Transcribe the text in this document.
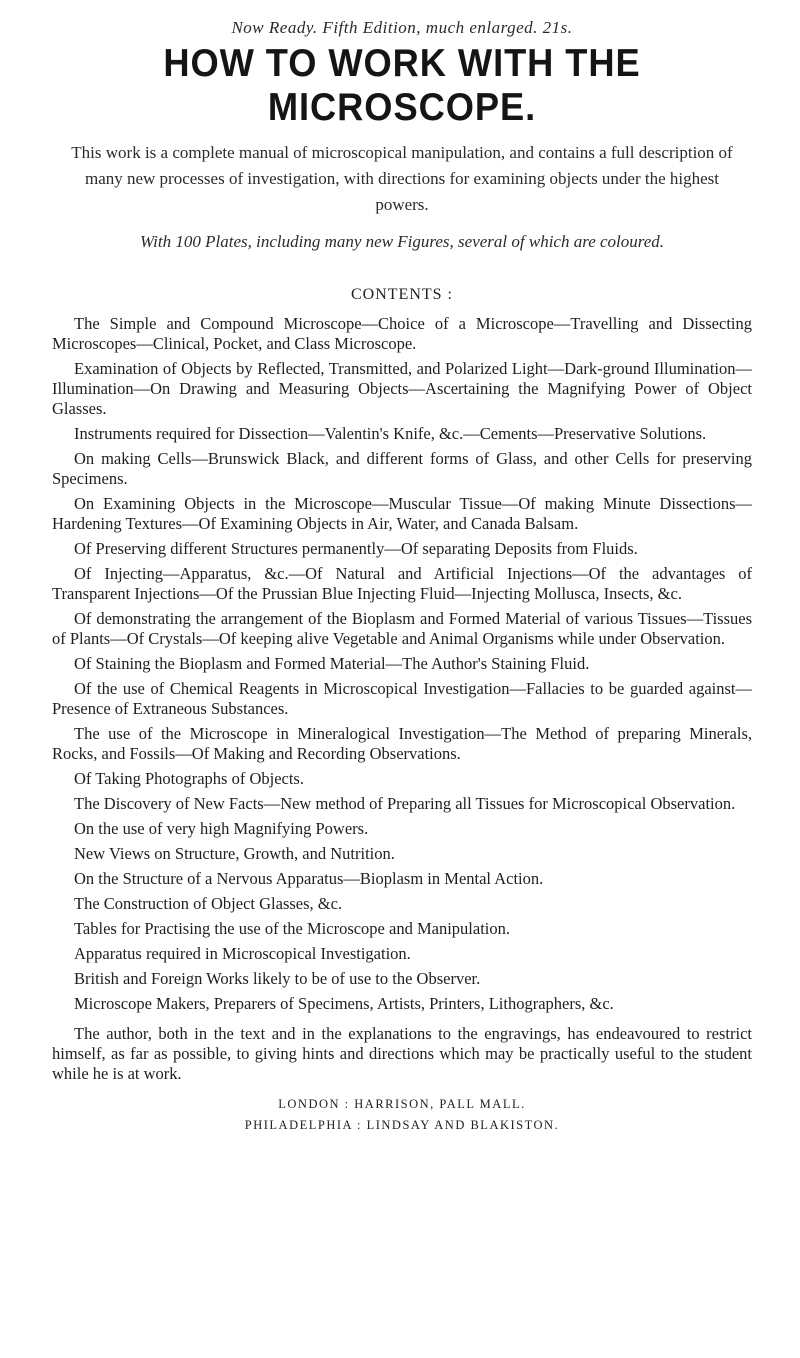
Now Ready. Fifth Edition, much enlarged. 21s.

HOW TO WORK WITH THE MICROSCOPE.

This work is a complete manual of microscopical manipulation, and contains a full description of many new processes of investigation, with directions for examining objects under the highest powers.

With 100 Plates, including many new Figures, several of which are coloured.

CONTENTS :

The Simple and Compound Microscope—Choice of a Microscope—Travelling and Dissecting Microscopes—Clinical, Pocket, and Class Microscope.
Examination of Objects by Reflected, Transmitted, and Polarized Light—Dark-ground Illumination—Illumination—On Drawing and Measuring Objects—Ascertaining the Magnifying Power of Object Glasses.
Instruments required for Dissection—Valentin's Knife, &c.—Cements—Preservative Solutions.
On making Cells—Brunswick Black, and different forms of Glass, and other Cells for preserving Specimens.
On Examining Objects in the Microscope—Muscular Tissue—Of making Minute Dissections—Hardening Textures—Of Examining Objects in Air, Water, and Canada Balsam.
Of Preserving different Structures permanently—Of separating Deposits from Fluids.
Of Injecting—Apparatus, &c.—Of Natural and Artificial Injections—Of the advantages of Transparent Injections—Of the Prussian Blue Injecting Fluid—Injecting Mollusca, Insects, &c.
Of demonstrating the arrangement of the Bioplasm and Formed Material of various Tissues—Tissues of Plants—Of Crystals—Of keeping alive Vegetable and Animal Organisms while under Observation.
Of Staining the Bioplasm and Formed Material—The Author's Staining Fluid.
Of the use of Chemical Reagents in Microscopical Investigation—Fallacies to be guarded against—Presence of Extraneous Substances.
The use of the Microscope in Mineralogical Investigation—The Method of preparing Minerals, Rocks, and Fossils—Of Making and Recording Observations.
Of Taking Photographs of Objects.
The Discovery of New Facts—New method of Preparing all Tissues for Microscopical Observation.
On the use of very high Magnifying Powers.
New Views on Structure, Growth, and Nutrition.
On the Structure of a Nervous Apparatus—Bioplasm in Mental Action.
The Construction of Object Glasses, &c.
Tables for Practising the use of the Microscope and Manipulation.
Apparatus required in Microscopical Investigation.
British and Foreign Works likely to be of use to the Observer.
Microscope Makers, Preparers of Specimens, Artists, Printers, Lithographers, &c.

The author, both in the text and in the explanations to the engravings, has endeavoured to restrict himself, as far as possible, to giving hints and directions which may be practically useful to the student while he is at work.

LONDON : HARRISON, PALL MALL.

PHILADELPHIA : LINDSAY AND BLAKISTON.
